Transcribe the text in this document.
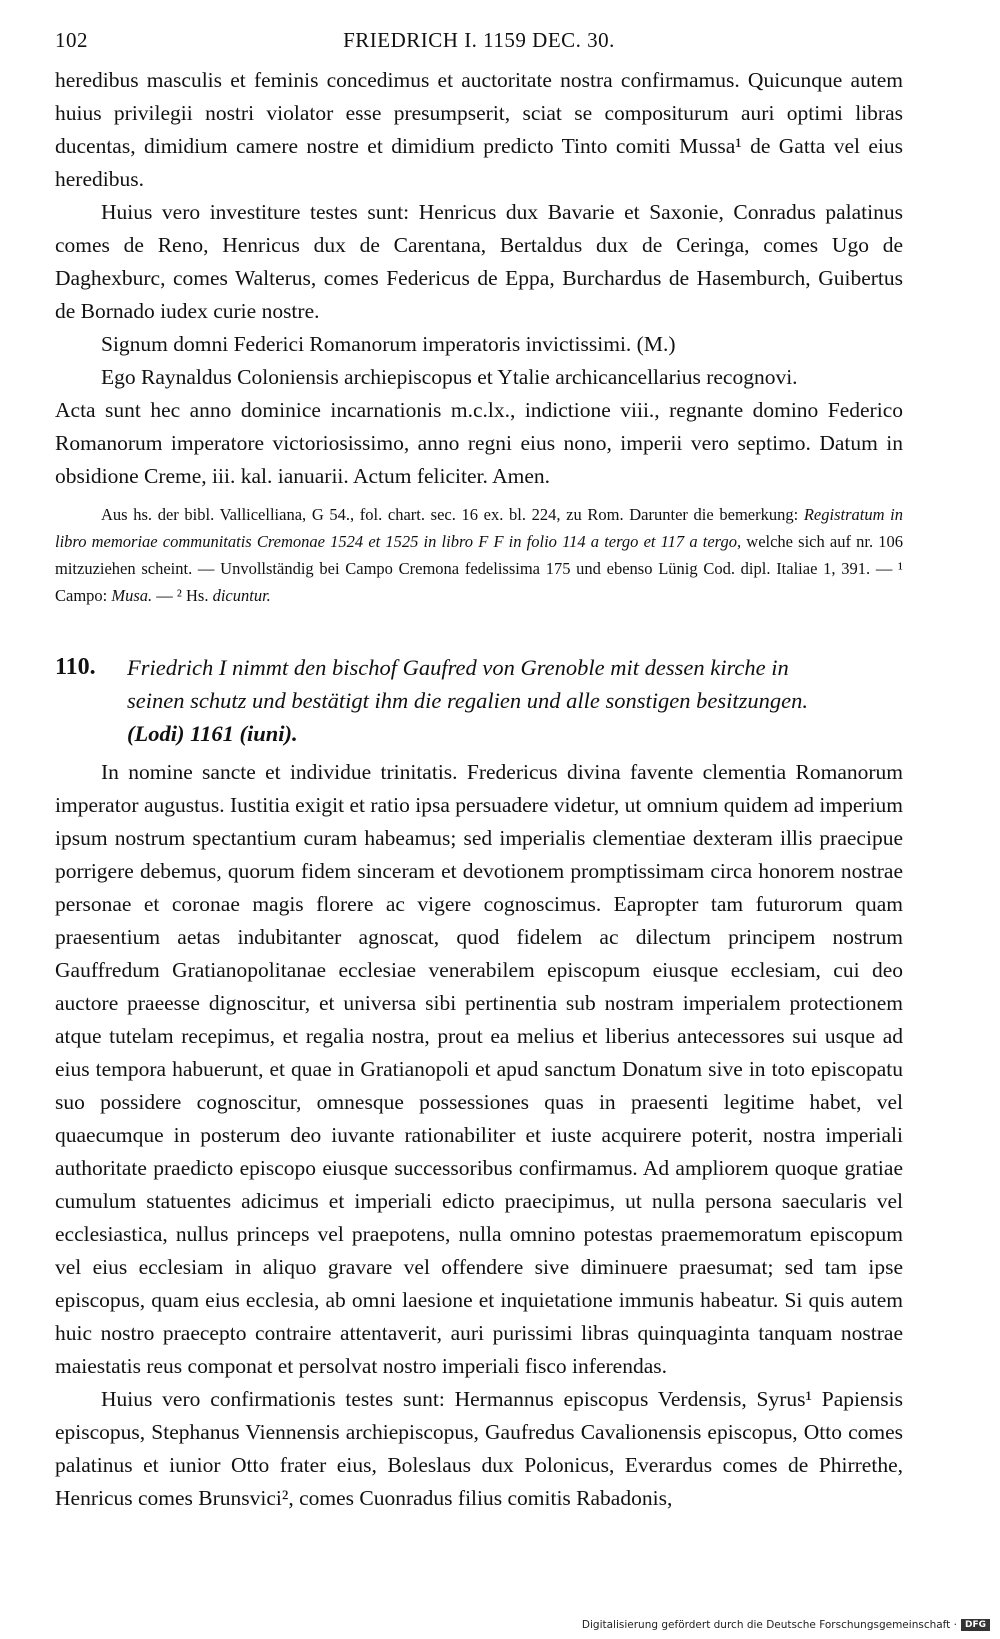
102	FRIEDRICH I. 1159 DEC. 30.

heredibus masculis et feminis concedimus et auctoritate nostra confirmamus. Quicunque autem huius privilegii nostri violator esse presumpserit, sciat se compositurum auri optimi libras ducentas, dimidium camere nostre et dimidium predicto Tinto comiti Mussa¹ de Gatta vel eius heredibus.

Huius vero investiture testes sunt: Henricus dux Bavarie et Saxonie, Conradus palatinus comes de Reno, Henricus dux de Carentana, Bertaldus dux de Ceringa, comes Ugo de Daghexburc, comes Walterus, comes Federicus de Eppa, Burchardus de Hasemburch, Guibertus de Bornado iudex curie nostre.

Signum domni Federici Romanorum imperatoris invictissimi. (M.)

Ego Raynaldus Coloniensis archiepiscopus et Ytalie archicancellarius recognovi.

Acta sunt hec anno dominice incarnationis m.c.lx., indictione viii., regnante domino Federico Romanorum imperatore victoriosissimo, anno regni eius nono, imperii vero septimo. Datum in obsidione Creme, iii. kal. ianuarii. Actum feliciter. Amen.

Aus hs. der bibl. Vallicelliana, G 54., fol. chart. sec. 16 ex. bl. 224, zu Rom. Darunter die bemerkung: Registratum in libro memoriae communitatis Cremonae 1524 et 1525 in libro F F in folio 114 a tergo et 117 a tergo, welche sich auf nr. 106 mitzuziehen scheint. — Unvollständig bei Campo Cremona fedelissima 175 und ebenso Lünig Cod. dipl. Italiae 1, 391. — ¹ Campo: Musa. — ² Hs. dicuntur.

110.	Friedrich I nimmt den bischof Gaufred von Grenoble mit dessen kirche in
seinen schutz und bestätigt ihm die regalien und alle sonstigen besitzungen.
(Lodi) 1161 (iuni).

In nomine sancte et individue trinitatis. Fredericus divina favente clementia Romanorum imperator augustus. Iustitia exigit et ratio ipsa persuadere videtur, ut omnium quidem ad imperium ipsum nostrum spectantium curam habeamus; sed imperialis clementiae dexteram illis praecipue porrigere debemus, quorum fidem sinceram et devotionem promptissimam circa honorem nostrae personae et coronae magis florere ac vigere cognoscimus. Eapropter tam futurorum quam praesentium aetas indubitanter agnoscat, quod fidelem ac dilectum principem nostrum Gauffredum Gratianopolitanae ecclesiae venerabilem episcopum eiusque ecclesiam, cui deo auctore praeesse dignoscitur, et universa sibi pertinentia sub nostram imperialem protectionem atque tutelam recepimus, et regalia nostra, prout ea melius et liberius antecessores sui usque ad eius tempora habuerunt, et quae in Gratianopoli et apud sanctum Donatum sive in toto episcopatu suo possidere cognoscitur, omnesque possessiones quas in praesenti legitime habet, vel quaecumque in posterum deo iuvante rationabiliter et iuste acquirere poterit, nostra imperiali authoritate praedicto episcopo eiusque successoribus confirmamus. Ad ampliorem quoque gratiae cumulum statuentes adicimus et imperiali edicto praecipimus, ut nulla persona saecularis vel ecclesiastica, nullus princeps vel praepotens, nulla omnino potestas praememoratum episcopum vel eius ecclesiam in aliquo gravare vel offendere sive diminuere praesumat; sed tam ipse episcopus, quam eius ecclesia, ab omni laesione et inquietatione immunis habeatur. Si quis autem huic nostro praecepto contraire attentaverit, auri purissimi libras quinquaginta tanquam nostrae maiestatis reus componat et persolvat nostro imperiali fisco inferendas.

Huius vero confirmationis testes sunt: Hermannus episcopus Verdensis, Syrus¹ Papiensis episcopus, Stephanus Viennensis archiepiscopus, Gaufredus Cavalionensis episcopus, Otto comes palatinus et iunior Otto frater eius, Boleslaus dux Polonicus, Everardus comes de Phirrethe, Henricus comes Brunsvici², comes Cuonradus filius comitis Rabadonis,

Digitalisierung gefördert durch die Deutsche Forschungsgemeinschaft · DFG
